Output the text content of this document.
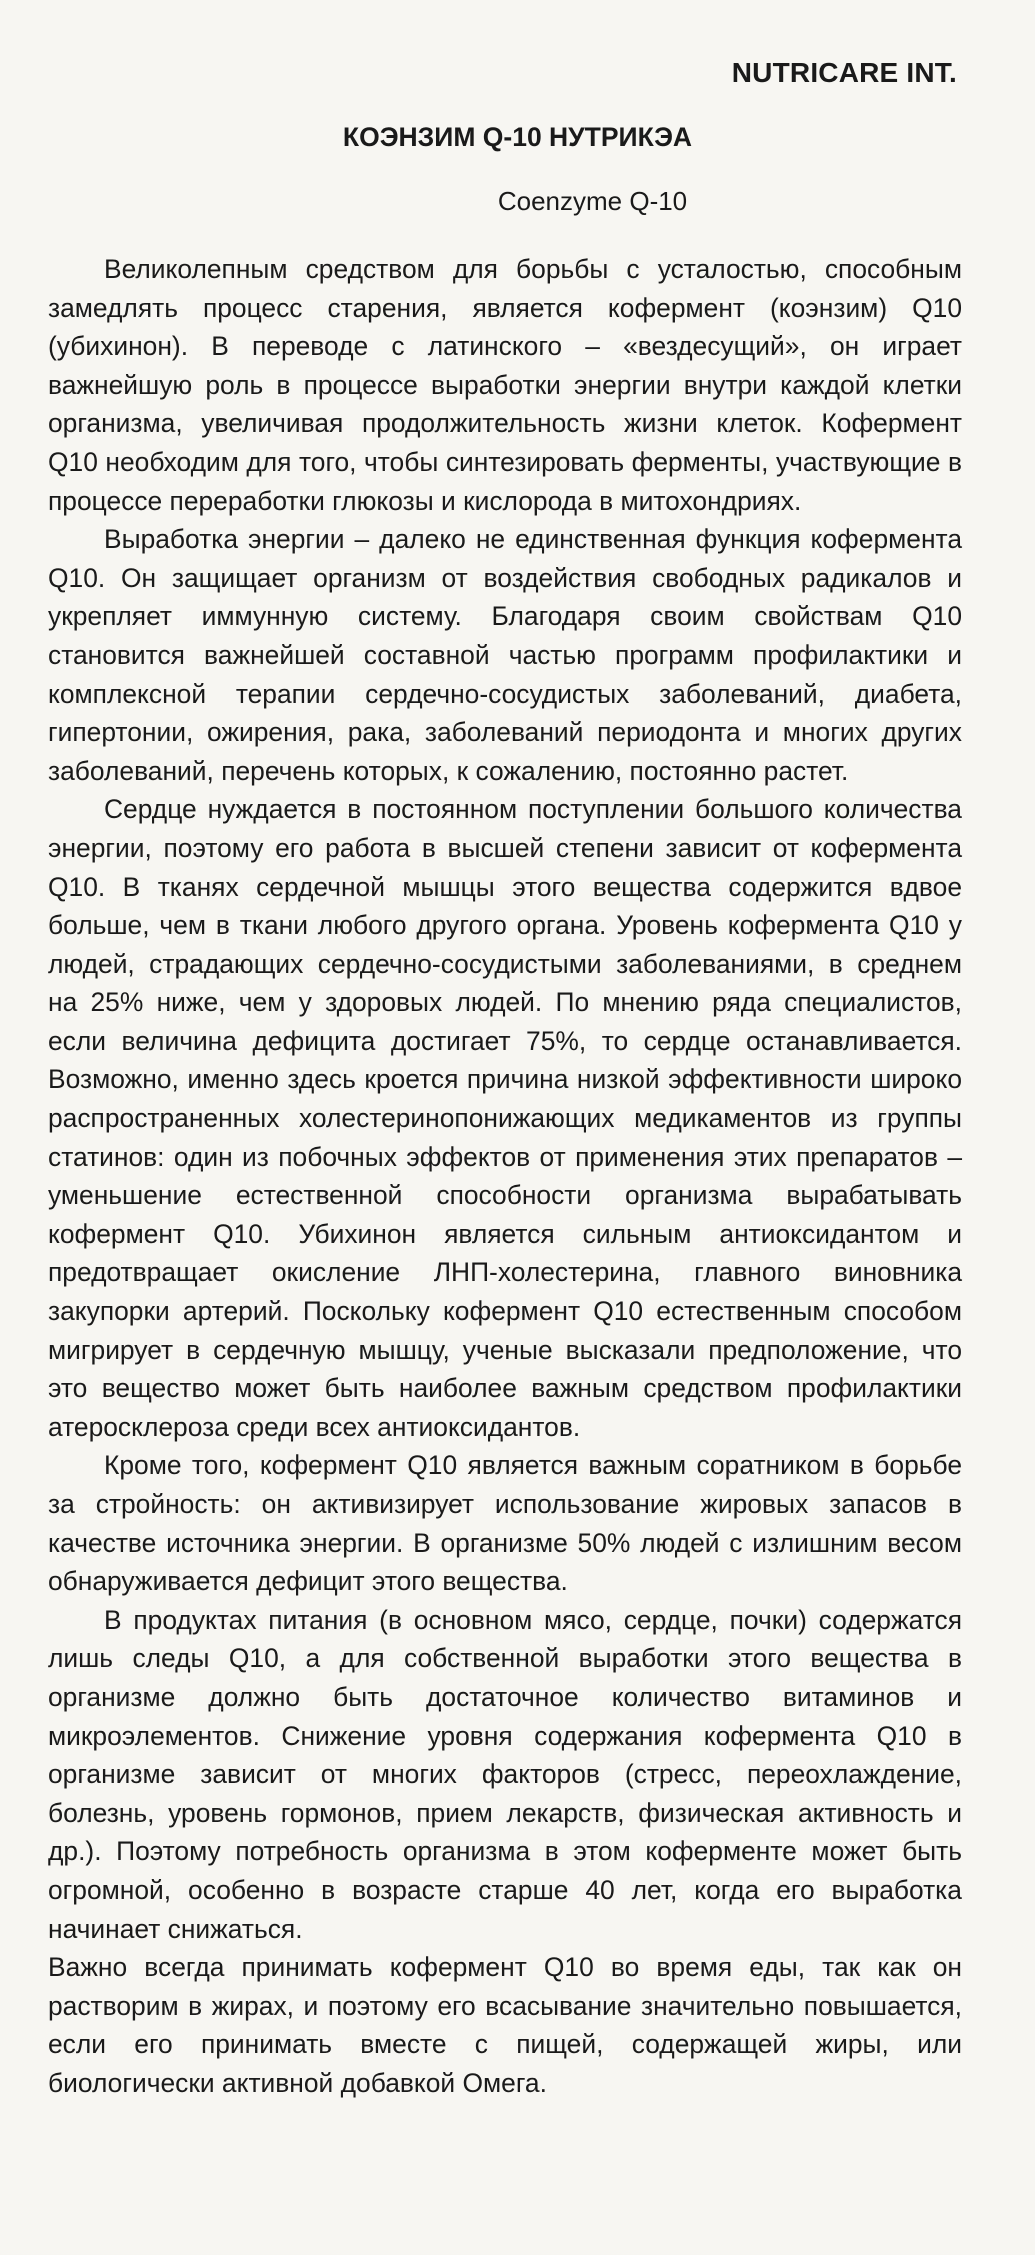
NUTRICARE INT.
КОЭНЗИМ Q-10 НУТРИКЭА
Coenzyme Q-10

Великолепным средством для борьбы с усталостью, способным замедлять процесс старения, является кофермент (коэнзим) Q10 (убихинон). В переводе с латинского – «вездесущий», он играет важнейшую роль в процессе выработки энергии внутри каждой клетки организма, увеличивая продолжительность жизни клеток. Кофермент Q10 необходим для того, чтобы синтезировать ферменты, участвующие в процессе переработки глюкозы и кислорода в митохондриях.

Выработка энергии – далеко не единственная функция кофермента Q10. Он защищает организм от воздействия свободных радикалов и укрепляет иммунную систему. Благодаря своим свойствам Q10 становится важнейшей составной частью программ профилактики и комплексной терапии сердечно-сосудистых заболеваний, диабета, гипертонии, ожирения, рака, заболеваний периодонта и многих других заболеваний, перечень которых, к сожалению, постоянно растет.

Сердце нуждается в постоянном поступлении большого количества энергии, поэтому его работа в высшей степени зависит от кофермента Q10. В тканях сердечной мышцы этого вещества содержится вдвое больше, чем в ткани любого другого органа. Уровень кофермента Q10 у людей, страдающих сердечно-сосудистыми заболеваниями, в среднем на 25% ниже, чем у здоровых людей. По мнению ряда специалистов, если величина дефицита достигает 75%, то сердце останавливается. Возможно, именно здесь кроется причина низкой эффективности широко распространенных холестеринопонижающих медикаментов из группы статинов: один из побочных эффектов от применения этих препаратов – уменьшение естественной способности организма вырабатывать кофермент Q10. Убихинон является сильным антиоксидантом и предотвращает окисление ЛНП-холестерина, главного виновника закупорки артерий. Поскольку кофермент Q10 естественным способом мигрирует в сердечную мышцу, ученые высказали предположение, что это вещество может быть наиболее важным средством профилактики атеросклероза среди всех антиоксидантов.

Кроме того, кофермент Q10 является важным соратником в борьбе за стройность: он активизирует использование жировых запасов в качестве источника энергии. В организме 50% людей с излишним весом обнаруживается дефицит этого вещества.

В продуктах питания (в основном мясо, сердце, почки) содержатся лишь следы Q10, а для собственной выработки этого вещества в организме должно быть достаточное количество витаминов и микроэлементов. Снижение уровня содержания кофермента Q10 в организме зависит от многих факторов (стресс, переохлаждение, болезнь, уровень гормонов, прием лекарств, физическая активность и др.). Поэтому потребность организма в этом коферменте может быть огромной, особенно в возрасте старше 40 лет, когда его выработка начинает снижаться.

Важно всегда принимать кофермент Q10 во время еды, так как он растворим в жирах, и поэтому его всасывание значительно повышается, если его принимать вместе с пищей, содержащей жиры, или биологически активной добавкой Омега.
